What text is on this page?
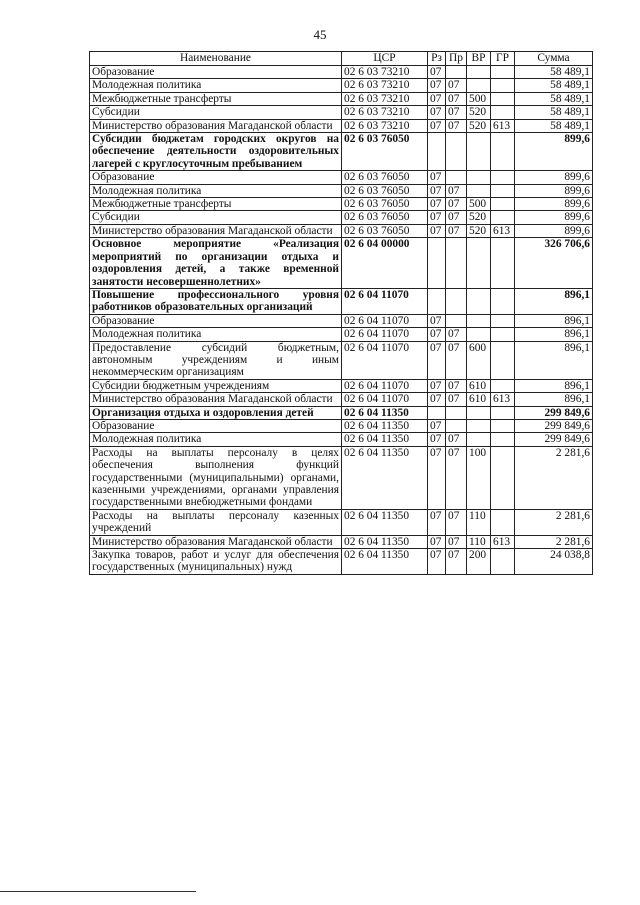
45
Наименование	ЦСР	Рз	Пр	ВР	ГР	Сумма
Образование	02 6 03 73210	07				58 489,1
Молодежная политика	02 6 03 73210	07	07			58 489,1
Межбюджетные трансферты	02 6 03 73210	07	07	500		58 489,1
Субсидии	02 6 03 73210	07	07	520		58 489,1
Министерство образования Магаданской области	02 6 03 73210	07	07	520	613	58 489,1
Субсидии бюджетам городских округов на обеспечение деятельности оздоровительных лагерей с круглосуточным пребыванием	02 6 03 76050					899,6
Образование	02 6 03 76050	07				899,6
Молодежная политика	02 6 03 76050	07	07			899,6
Межбюджетные трансферты	02 6 03 76050	07	07	500		899,6
Субсидии	02 6 03 76050	07	07	520		899,6
Министерство образования Магаданской области	02 6 03 76050	07	07	520	613	899,6
Основное мероприятие «Реализация мероприятий по организации отдыха и оздоровления детей, а также временной занятости несовершеннолетних»	02 6 04 00000					326 706,6
Повышение профессионального уровня работников образовательных организаций	02 6 04 11070					896,1
Образование	02 6 04 11070	07				896,1
Молодежная политика	02 6 04 11070	07	07			896,1
Предоставление субсидий бюджетным, автономным учреждениям и иным некоммерческим организациям	02 6 04 11070	07	07	600		896,1
Субсидии бюджетным учреждениям	02 6 04 11070	07	07	610		896,1
Министерство образования Магаданской области	02 6 04 11070	07	07	610	613	896,1
Организация отдыха и оздоровления детей	02 6 04 11350					299 849,6
Образование	02 6 04 11350	07				299 849,6
Молодежная политика	02 6 04 11350	07	07			299 849,6
Расходы на выплаты персоналу в целях обеспечения выполнения функций государственными (муниципальными) органами, казенными учреждениями, органами управления государственными внебюджетными фондами	02 6 04 11350	07	07	100		2 281,6
Расходы на выплаты персоналу казенных учреждений	02 6 04 11350	07	07	110		2 281,6
Министерство образования Магаданской области	02 6 04 11350	07	07	110	613	2 281,6
Закупка товаров, работ и услуг для обеспечения государственных (муниципальных) нужд	02 6 04 11350	07	07	200		24 038,8
